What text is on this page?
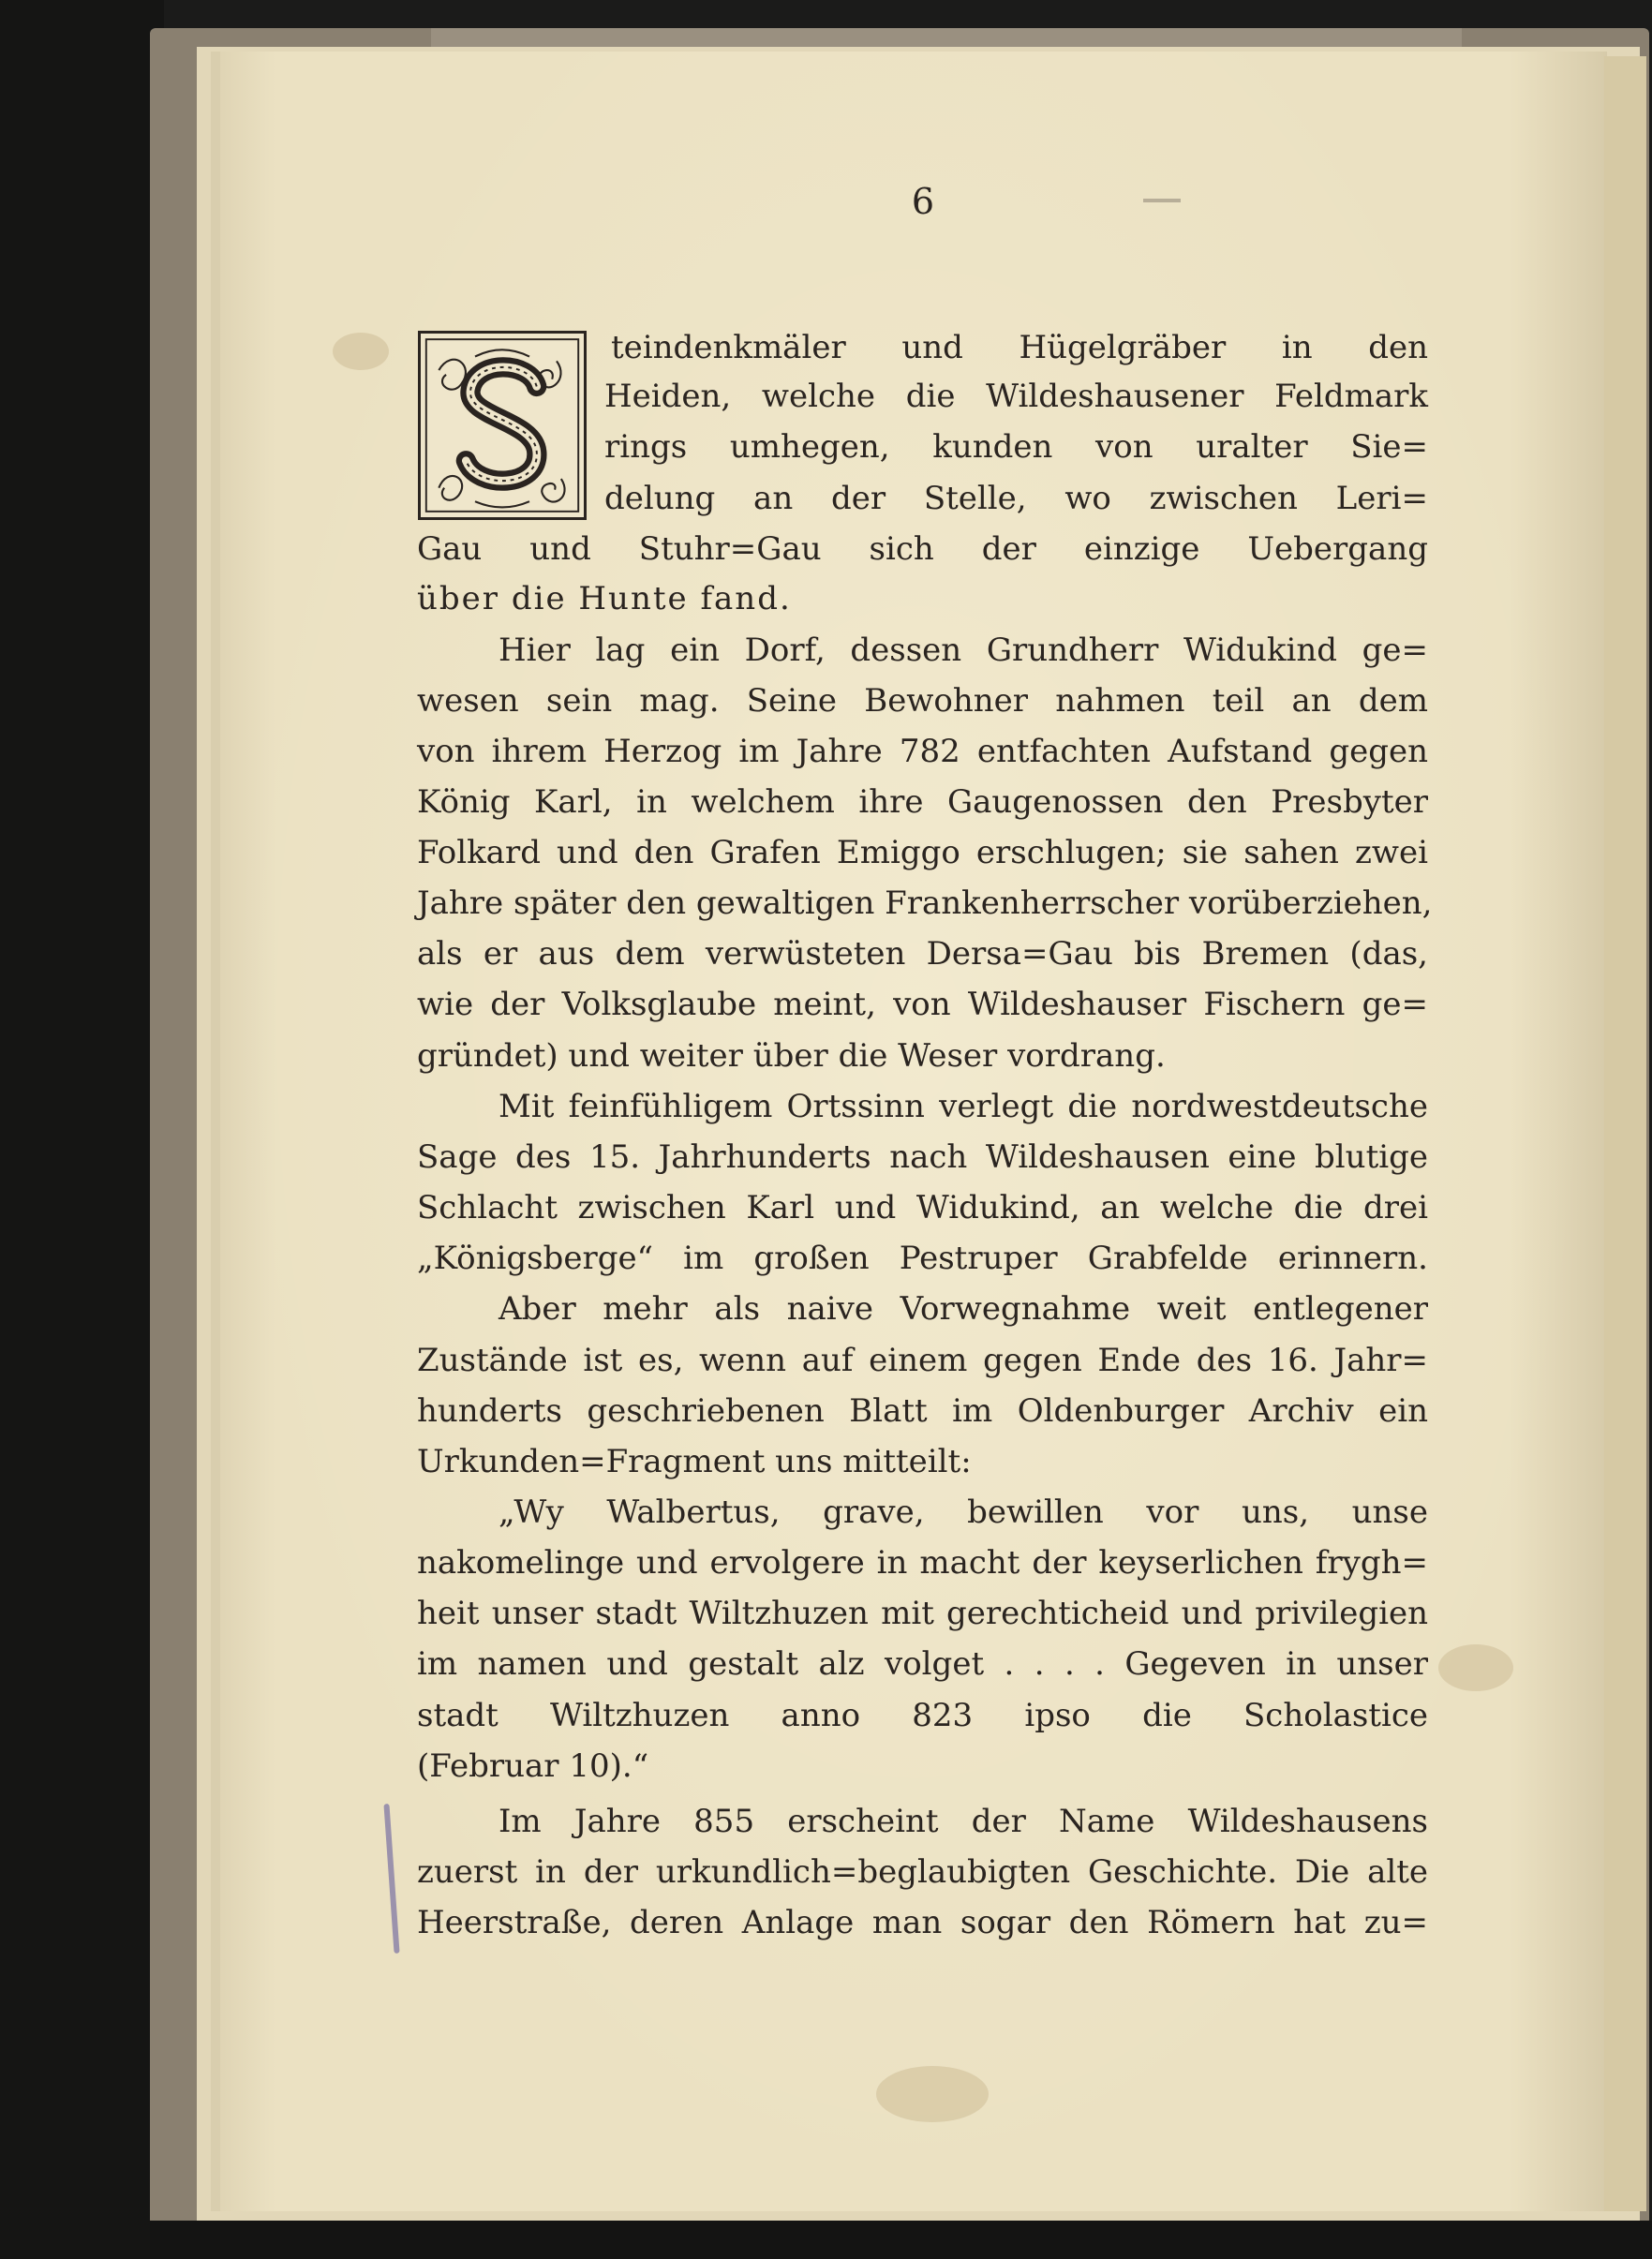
6

teindenkmäler und Hügelgräber in den

Heiden, welche die Wildeshausener Feldmark

rings umhegen, kunden von uralter Sie=

delung an der Stelle, wo zwischen Leri=

Gau und Stuhr=Gau sich der einzige Uebergang

über die Hunte fand.

Hier lag ein Dorf, dessen Grundherr Widukind ge=

wesen sein mag. Seine Bewohner nahmen teil an dem

von ihrem Herzog im Jahre 782 entfachten Aufstand gegen

König Karl, in welchem ihre Gaugenossen den Presbyter

Folkard und den Grafen Emiggo erschlugen; sie sahen zwei

Jahre später den gewaltigen Frankenherrscher vorüberziehen,

als er aus dem verwüsteten Dersa=Gau bis Bremen (das,

wie der Volksglaube meint, von Wildeshauser Fischern ge=

gründet) und weiter über die Weser vordrang.

Mit feinfühligem Ortssinn verlegt die nordwestdeutsche

Sage des 15. Jahrhunderts nach Wildeshausen eine blutige

Schlacht zwischen Karl und Widukind, an welche die drei

„Königsberge“ im großen Pestruper Grabfelde erinnern.

Aber mehr als naive Vorwegnahme weit entlegener

Zustände ist es, wenn auf einem gegen Ende des 16. Jahr=

hunderts geschriebenen Blatt im Oldenburger Archiv ein

Urkunden=Fragment uns mitteilt:

„Wy Walbertus, grave, bewillen vor uns, unse

nakomelinge und ervolgere in macht der keyserlichen frygh=

heit unser stadt Wiltzhuzen mit gerechticheid und privilegien

im namen und gestalt alz volget . . . . Gegeven in unser

stadt Wiltzhuzen anno 823 ipso die Scholastice

(Februar 10).“

Im Jahre 855 erscheint der Name Wildeshausens

zuerst in der urkundlich=beglaubigten Geschichte. Die alte

Heerstraße, deren Anlage man sogar den Römern hat zu=
